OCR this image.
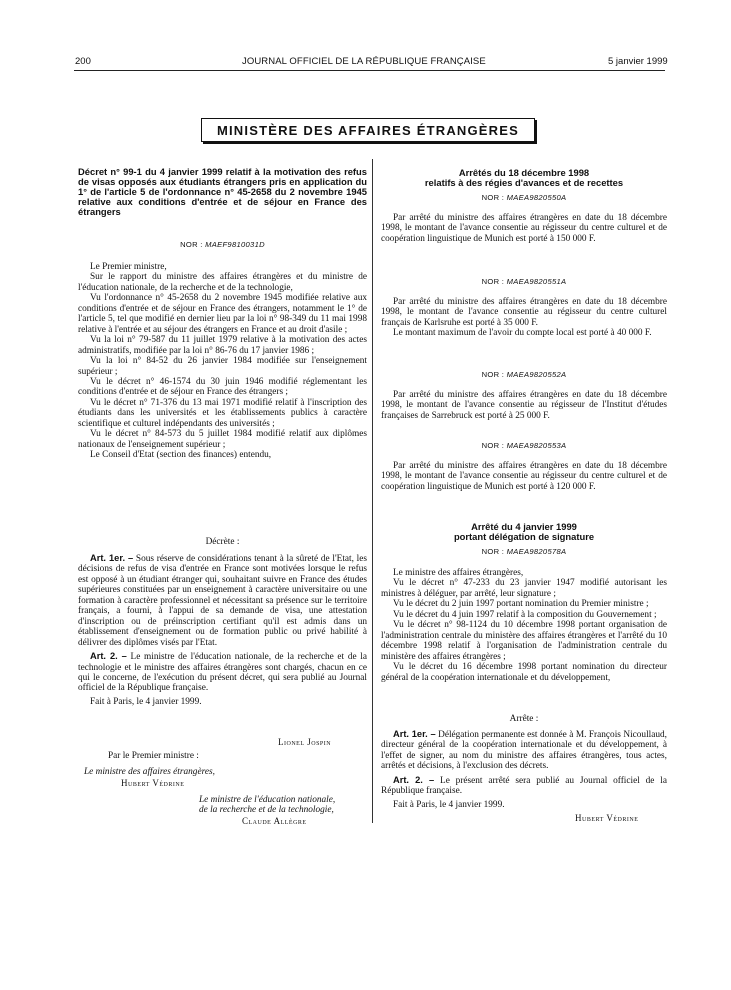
200	JOURNAL OFFICIEL DE LA RÉPUBLIQUE FRANÇAISE	5 janvier 1999
MINISTÈRE DES AFFAIRES ÉTRANGÈRES
Décret n° 99-1 du 4 janvier 1999 relatif à la motivation des refus de visas opposés aux étudiants étrangers pris en application du 1° de l'article 5 de l'ordonnance n° 45-2658 du 2 novembre 1945 relative aux conditions d'entrée et de séjour en France des étrangers
NOR : MAEF9810031D

Le Premier ministre,

Sur le rapport du ministre des affaires étrangères et du ministre de l'éducation nationale, de la recherche et de la technologie,

Vu l'ordonnance n° 45-2658 du 2 novembre 1945 modifiée relative aux conditions d'entrée et de séjour en France des étrangers, notamment le 1° de l'article 5, tel que modifié en dernier lieu par la loi n° 98-349 du 11 mai 1998 relative à l'entrée et au séjour des étrangers en France et au droit d'asile ;

Vu la loi n° 79-587 du 11 juillet 1979 relative à la motivation des actes administratifs, modifiée par la loi n° 86-76 du 17 janvier 1986 ;

Vu la loi n° 84-52 du 26 janvier 1984 modifiée sur l'enseignement supérieur ;

Vu le décret n° 46-1574 du 30 juin 1946 modifié réglementant les conditions d'entrée et de séjour en France des étrangers ;

Vu le décret n° 71-376 du 13 mai 1971 modifié relatif à l'inscription des étudiants dans les universités et les établissements publics à caractère scientifique et culturel indépendants des universités ;

Vu le décret n° 84-573 du 5 juillet 1984 modifié relatif aux diplômes nationaux de l'enseignement supérieur ;

Le Conseil d'Etat (section des finances) entendu,

Décrète :

Art. 1er. – Sous réserve de considérations tenant à la sûreté de l'Etat, les décisions de refus de visa d'entrée en France sont motivées lorsque le refus est opposé à un étudiant étranger qui, souhaitant suivre en France des études supérieures constituées par un enseignement à caractère universitaire ou une formation à caractère professionnel et nécessitant sa présence sur le territoire français, a fourni, à l'appui de sa demande de visa, une attestation d'inscription ou de préinscription certifiant qu'il est admis dans un établissement d'enseignement ou de formation public ou privé habilité à délivrer des diplômes visés par l'Etat.

Art. 2. – Le ministre de l'éducation nationale, de la recherche et de la technologie et le ministre des affaires étrangères sont chargés, chacun en ce qui le concerne, de l'exécution du présent décret, qui sera publié au Journal officiel de la République française.

Fait à Paris, le 4 janvier 1999.

Lionel Jospin
Par le Premier ministre :
Le ministre des affaires étrangères,
Hubert Védrine
Le ministre de l'éducation nationale,
de la recherche et de la technologie,
Claude Allègre
Arrêtés du 18 décembre 1998
relatifs à des régies d'avances et de recettes
NOR : MAEA9820550A

Par arrêté du ministre des affaires étrangères en date du 18 décembre 1998, le montant de l'avance consentie au régisseur du centre culturel et de coopération linguistique de Munich est porté à 150 000 F.

NOR : MAEA9820551A

Par arrêté du ministre des affaires étrangères en date du 18 décembre 1998, le montant de l'avance consentie au régisseur du centre culturel français de Karlsruhe est porté à 35 000 F.

Le montant maximum de l'avoir du compte local est porté à 40 000 F.

NOR : MAEA9820552A

Par arrêté du ministre des affaires étrangères en date du 18 décembre 1998, le montant de l'avance consentie au régisseur de l'Institut d'études françaises de Sarrebruck est porté à 25 000 F.

NOR : MAEA9820553A

Par arrêté du ministre des affaires étrangères en date du 18 décembre 1998, le montant de l'avance consentie au régisseur du centre culturel et de coopération linguistique de Munich est porté à 120 000 F.

Arrêté du 4 janvier 1999
portant délégation de signature
NOR : MAEA9820578A

Le ministre des affaires étrangères,

Vu le décret n° 47-233 du 23 janvier 1947 modifié autorisant les ministres à déléguer, par arrêté, leur signature ;

Vu le décret du 2 juin 1997 portant nomination du Premier ministre ;

Vu le décret du 4 juin 1997 relatif à la composition du Gouvernement ;

Vu le décret n° 98-1124 du 10 décembre 1998 portant organisation de l'administration centrale du ministère des affaires étrangères et l'arrêté du 10 décembre 1998 relatif à l'organisation de l'administration centrale du ministère des affaires étrangères ;

Vu le décret du 16 décembre 1998 portant nomination du directeur général de la coopération internationale et du développement,

Arrête :

Art. 1er. – Délégation permanente est donnée à M. François Nicoullaud, directeur général de la coopération internationale et du développement, à l'effet de signer, au nom du ministre des affaires étrangères, tous actes, arrêtés et décisions, à l'exclusion des décrets.

Art. 2. – Le présent arrêté sera publié au Journal officiel de la République française.

Fait à Paris, le 4 janvier 1999.

Hubert Védrine
